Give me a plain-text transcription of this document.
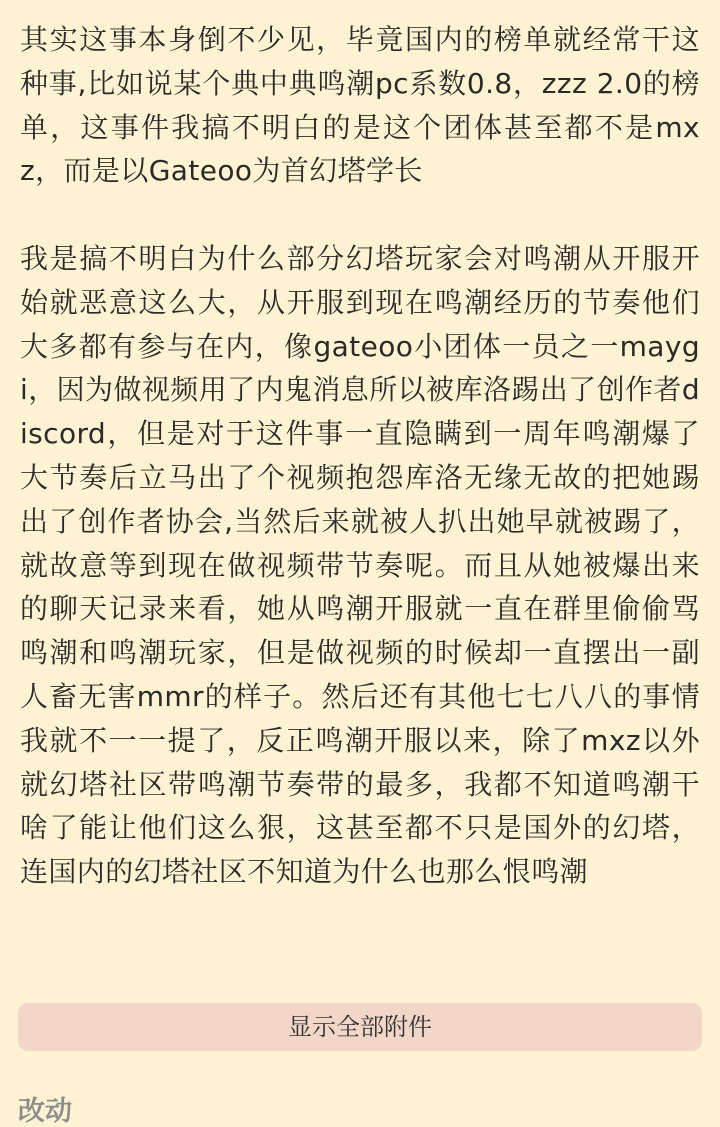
其实这事本身倒不少见，毕竟国内的榜单就经常干这种事,比如说某个典中典鸣潮pc系数0.8，zzz 2.0的榜单，这事件我搞不明白的是这个团体甚至都不是mxz，而是以Gateoo为首幻塔学长

我是搞不明白为什么部分幻塔玩家会对鸣潮从开服开始就恶意这么大，从开服到现在鸣潮经历的节奏他们大多都有参与在内，像gateoo小团体一员之一maygi，因为做视频用了内鬼消息所以被库洛踢出了创作者discord，但是对于这件事一直隐瞒到一周年鸣潮爆了大节奏后立马出了个视频抱怨库洛无缘无故的把她踢出了创作者协会,当然后来就被人扒出她早就被踢了，就故意等到现在做视频带节奏呢。而且从她被爆出来的聊天记录来看，她从鸣潮开服就一直在群里偷偷骂鸣潮和鸣潮玩家，但是做视频的时候却一直摆出一副人畜无害mmr的样子。然后还有其他七七八八的事情我就不一一提了，反正鸣潮开服以来，除了mxz以外就幻塔社区带鸣潮节奏带的最多，我都不知道鸣潮干啥了能让他们这么狠，这甚至都不只是国外的幻塔，连国内的幻塔社区不知道为什么也那么恨鸣潮

显示全部附件
改动
